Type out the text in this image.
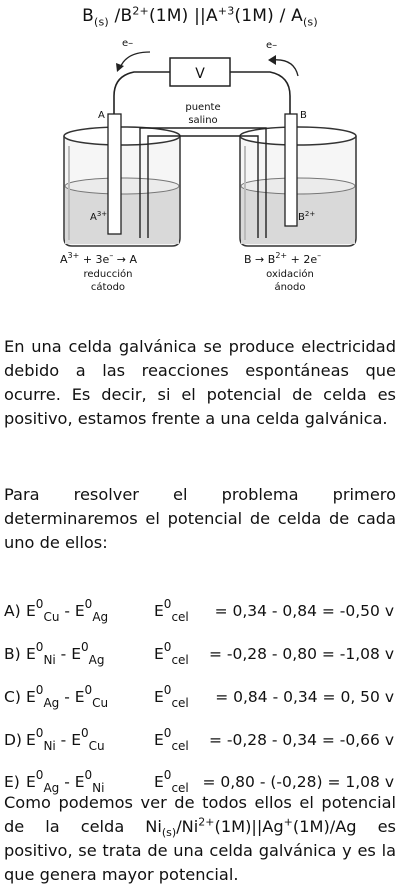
$B_{(s)}$ $/B^{2+}(1M)$ $||A^{+3}(1M) / A_{(s)}$
e–	e–
V
A
$A^{3+}$
B
$B^{2+}$
puente
salino
$A^{3+} + 3e^- \to A$
reducción
cátodo
$B \to B^{2+} + 2e^-$
oxidación
ánodo

En una celda galvánica se produce electricidad debido a las reacciones espontáneas que ocurre. Es decir, si el potencial de celda es positivo, estamos frente a una celda galvánica.

Para resolver el problema primero determinaremos el potencial de celda de cada uno de ellos:

A) $E^0_{Cu} - E^0_{Ag}$	$E^0_{cel} = 0,34 - 0,84 = -0,50$ v
B) $E^0_{Ni} - E^0_{Ag}$	$E^0_{cel} = -0,28 - 0,80 = -1,08$ v
C) $E^0_{Ag} - E^0_{Cu}$	$E^0_{cel} = 0,84 - 0,34 = 0$, 50 v
D) $E^0_{Ni} - E^0_{Cu}$	$E^0_{cel} = -0,28 - 0,34 = -0,66$ v
E) $E^0_{Ag} - E^0_{Ni}$	$E^0_{cel} = 0,80 - (-0,28) = 1,08$ v

Como podemos ver de todos ellos el potencial de la celda $Ni_{(s)}/Ni^{2+}(1M)||Ag^+(1M)/Ag$ es positivo, se trata de una celda galvánica y es la que genera mayor potencial.
